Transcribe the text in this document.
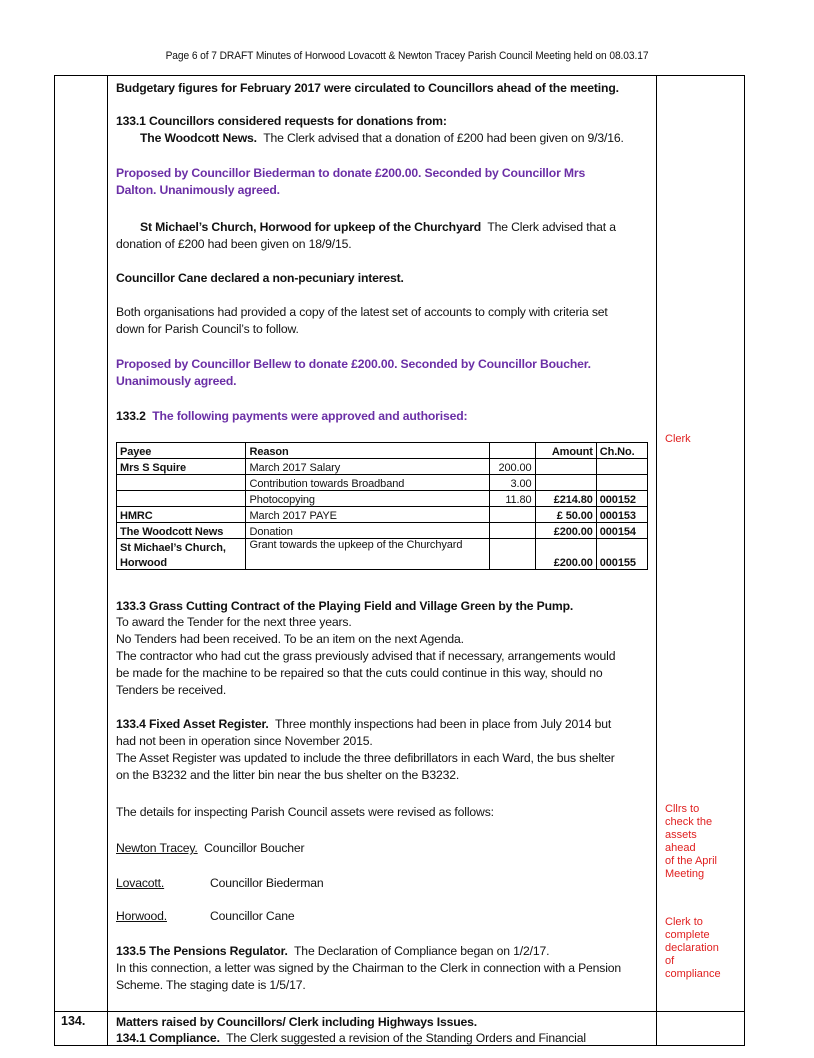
Page 6 of 7 DRAFT Minutes of Horwood Lovacott & Newton Tracey Parish Council Meeting held on 08.03.17
Budgetary figures for February 2017 were circulated to Councillors ahead of the meeting.
133.1 Councillors considered requests for donations from:
The Woodcott News. The Clerk advised that a donation of £200 had been given on 9/3/16.
Proposed by Councillor Biederman to donate £200.00. Seconded by Councillor Mrs
Dalton. Unanimously agreed.
St Michael’s Church, Horwood for upkeep of the Churchyard The Clerk advised that a
donation of £200 had been given on 18/9/15.
Councillor Cane declared a non-pecuniary interest.
Both organisations had provided a copy of the latest set of accounts to comply with criteria set
down for Parish Council’s to follow.
Proposed by Councillor Bellew to donate £200.00. Seconded by Councillor Boucher.
Unanimously agreed.
133.2 The following payments were approved and authorised:
Payee	Reason		Amount	Ch.No.
Mrs S Squire	March 2017 Salary	200.00		
	Contribution towards Broadband	3.00		
	Photocopying	11.80	£214.80	000152
HMRC	March 2017 PAYE		£ 50.00	000153
The Woodcott News	Donation		£200.00	000154
St Michael’s Church,	Grant towards the upkeep of the Churchyard			
Horwood			£200.00	000155
133.3 Grass Cutting Contract of the Playing Field and Village Green by the Pump.
To award the Tender for the next three years.
No Tenders had been received. To be an item on the next Agenda.
The contractor who had cut the grass previously advised that if necessary, arrangements would
be made for the machine to be repaired so that the cuts could continue in this way, should no
Tenders be received.
133.4 Fixed Asset Register. Three monthly inspections had been in place from July 2014 but
had not been in operation since November 2015.
The Asset Register was updated to include the three defibrillators in each Ward, the bus shelter
on the B3232 and the litter bin near the bus shelter on the B3232.
The details for inspecting Parish Council assets were revised as follows:
Newton Tracey. Councillor Boucher
Lovacott.	Councillor Biederman
Horwood.	Councillor Cane
133.5 The Pensions Regulator. The Declaration of Compliance began on 1/2/17.
In this connection, a letter was signed by the Chairman to the Clerk in connection with a Pension
Scheme. The staging date is 1/5/17.
134.	Matters raised by Councillors/ Clerk including Highways Issues.
134.1 Compliance. The Clerk suggested a revision of the Standing Orders and Financial
Clerk
Cllrs to
check the
assets
ahead
of the April
Meeting
Clerk to
complete
declaration
of
compliance
